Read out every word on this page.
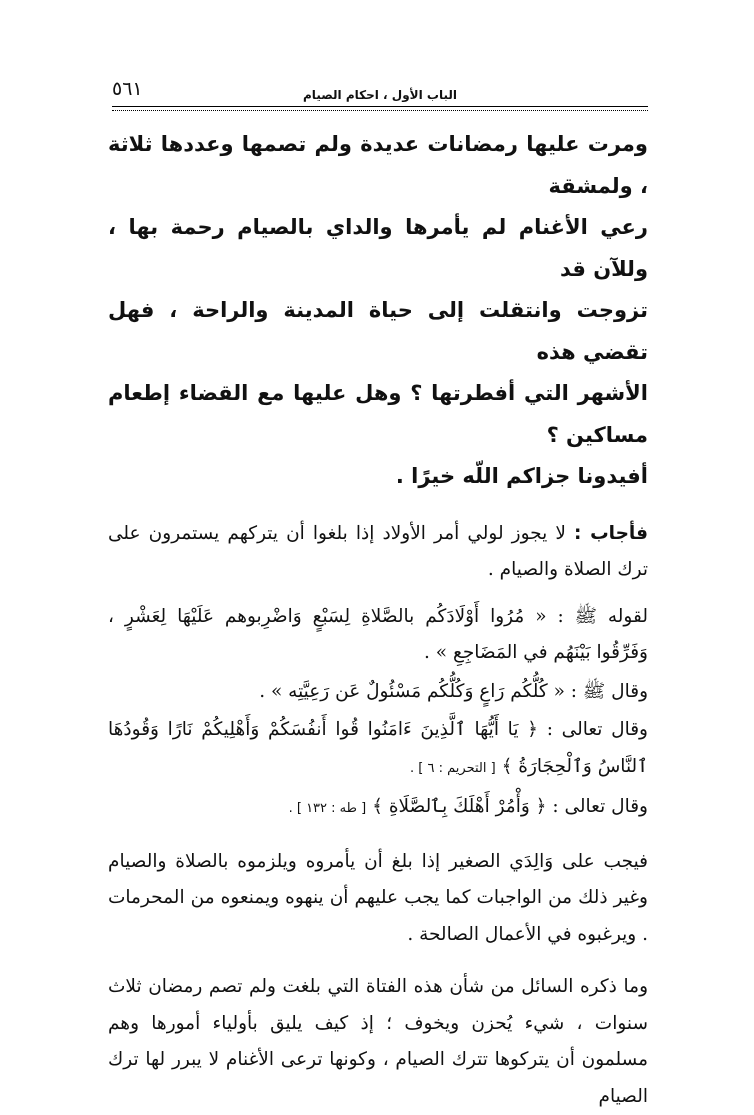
الباب الأول ، احكام الصيام
٥٦١

ومرت عليها رمضانات عديدة ولم تصمها وعددها ثلاثة ، ولمشقة

رعي الأغنام لم يأمرها والداي بالصيام رحمة بها ، وللآن قد

تزوجت وانتقلت إلى حياة المدينة والراحة ، فهل تقضي هذه

الأشهر التي أفطرتها ؟ وهل عليها مع القضاء إطعام مساكين ؟

أفيدونا جزاكم اللّه خيرًا .

فأجاب : لا يجوز لولي أمر الأولاد إذا بلغوا أن يتركهم يستمرون على ترك الصلاة والصيام .

لقوله ﷺ : « مُرُوا أَوْلَادَكُم بالصَّلاةِ لِسَبْعٍ وَاضْرِبوهم عَلَيْهَا لِعَشْرٍ ، وَفَرِّقُوا بَيْنَهُم في المَضَاجِعِ » .

وقال ﷺ : « كُلُّكُم رَاعٍ وَكُلُّكُم مَسْئُولٌ عَن رَعِيَّتِه » .

وقال تعالى : ﴿ يَا أَيُّهَا ٱلَّذِينَ ءَامَنُوا قُوا أَنفُسَكُمْ وَأَهْلِيكُمْ نَارًا وَقُودُهَا ٱلنَّاسُ وَٱلْحِجَارَةُ ﴾ [ التحريم : ٦ ] .

وقال تعالى : ﴿ وَأْمُرْ أَهْلَكَ بِٱلصَّلَاةِ ﴾ [ طه : ١٣٢ ] .

فيجب على وَالِدَي الصغير إذا بلغ أن يأمروه ويلزموه بالصلاة والصيام وغير ذلك من الواجبات كما يجب عليهم أن ينهوه ويمنعوه من المحرمات . ويرغبوه في الأعمال الصالحة .

وما ذكره السائل من شأن هذه الفتاة التي بلغت ولم تصم رمضان ثلاث سنوات ، شيء يُحزن ويخوف ؛ إذ كيف يليق بأولياء أمورها وهم مسلمون أن يتركوها تترك الصيام ، وكونها ترعى الأغنام لا يبرر لها ترك الصيام
